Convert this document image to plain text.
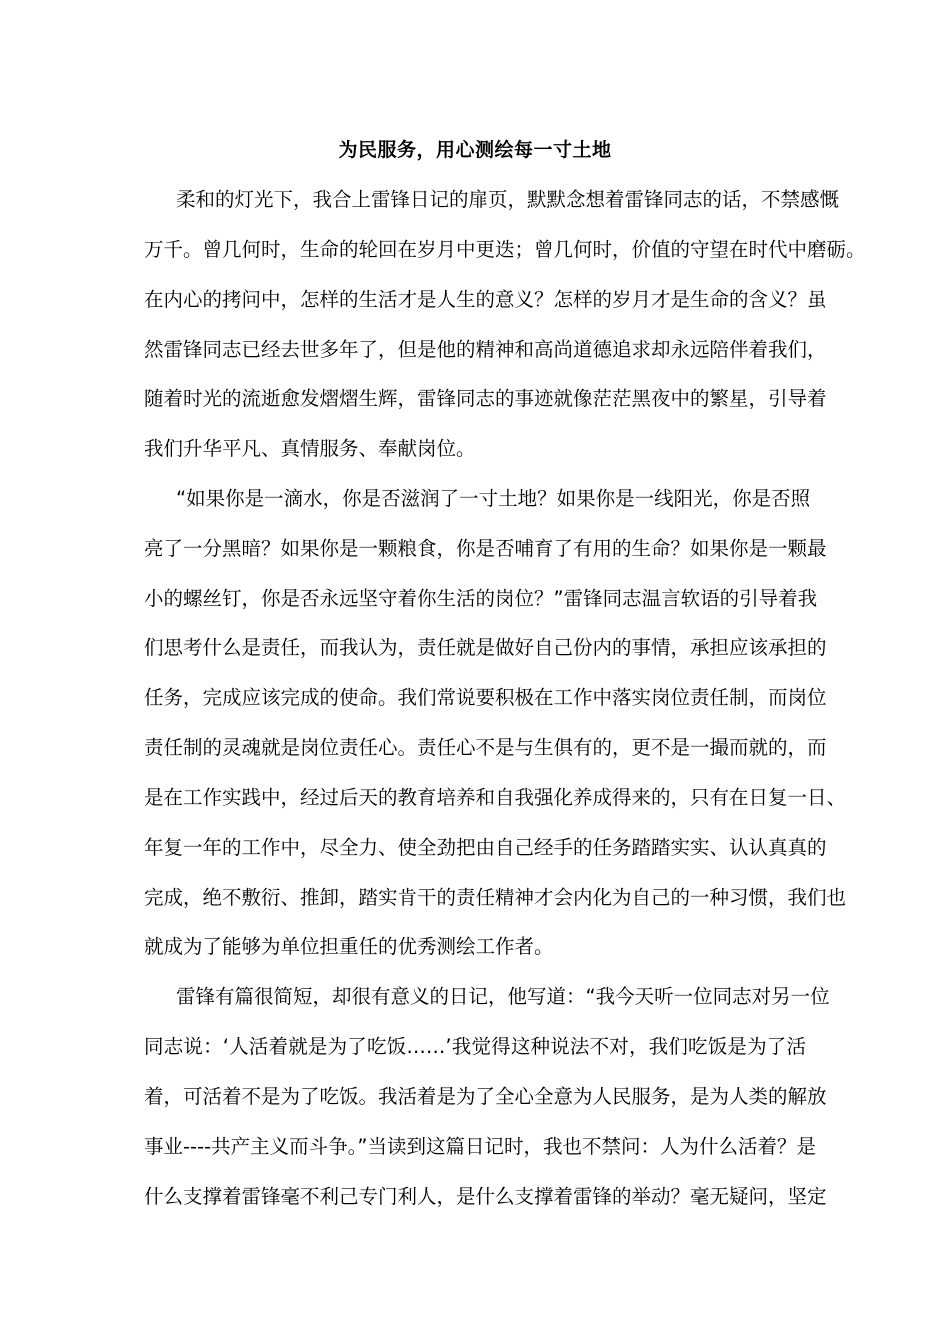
为民服务，用心测绘每一寸土地
柔和的灯光下，我合上雷锋日记的扉页，默默念想着雷锋同志的话，不禁感慨
万千。曾几何时，生命的轮回在岁月中更迭；曾几何时，价值的守望在时代中磨砺。
在内心的拷问中，怎样的生活才是人生的意义？怎样的岁月才是生命的含义？虽
然雷锋同志已经去世多年了，但是他的精神和高尚道德追求却永远陪伴着我们，
随着时光的流逝愈发熠熠生辉，雷锋同志的事迹就像茫茫黑夜中的繁星，引导着
我们升华平凡、真情服务、奉献岗位。
“如果你是一滴水，你是否滋润了一寸土地？如果你是一线阳光，你是否照
亮了一分黑暗？如果你是一颗粮食，你是否哺育了有用的生命？如果你是一颗最
小的螺丝钉，你是否永远坚守着你生活的岗位？”雷锋同志温言软语的引导着我
们思考什么是责任，而我认为，责任就是做好自己份内的事情，承担应该承担的
任务，完成应该完成的使命。我们常说要积极在工作中落实岗位责任制，而岗位
责任制的灵魂就是岗位责任心。责任心不是与生俱有的，更不是一撮而就的，而
是在工作实践中，经过后天的教育培养和自我强化养成得来的，只有在日复一日、
年复一年的工作中，尽全力、使全劲把由自己经手的任务踏踏实实、认认真真的
完成，绝不敷衍、推卸，踏实肯干的责任精神才会内化为自己的一种习惯，我们也
就成为了能够为单位担重任的优秀测绘工作者。
雷锋有篇很简短，却很有意义的日记，他写道：“我今天听一位同志对另一位
同志说：‘人活着就是为了吃饭……’我觉得这种说法不对，我们吃饭是为了活
着，可活着不是为了吃饭。我活着是为了全心全意为人民服务，是为人类的解放
事业----共产主义而斗争。”当读到这篇日记时，我也不禁问：人为什么活着？是
什么支撑着雷锋毫不利己专门利人，是什么支撑着雷锋的举动？毫无疑问，坚定
